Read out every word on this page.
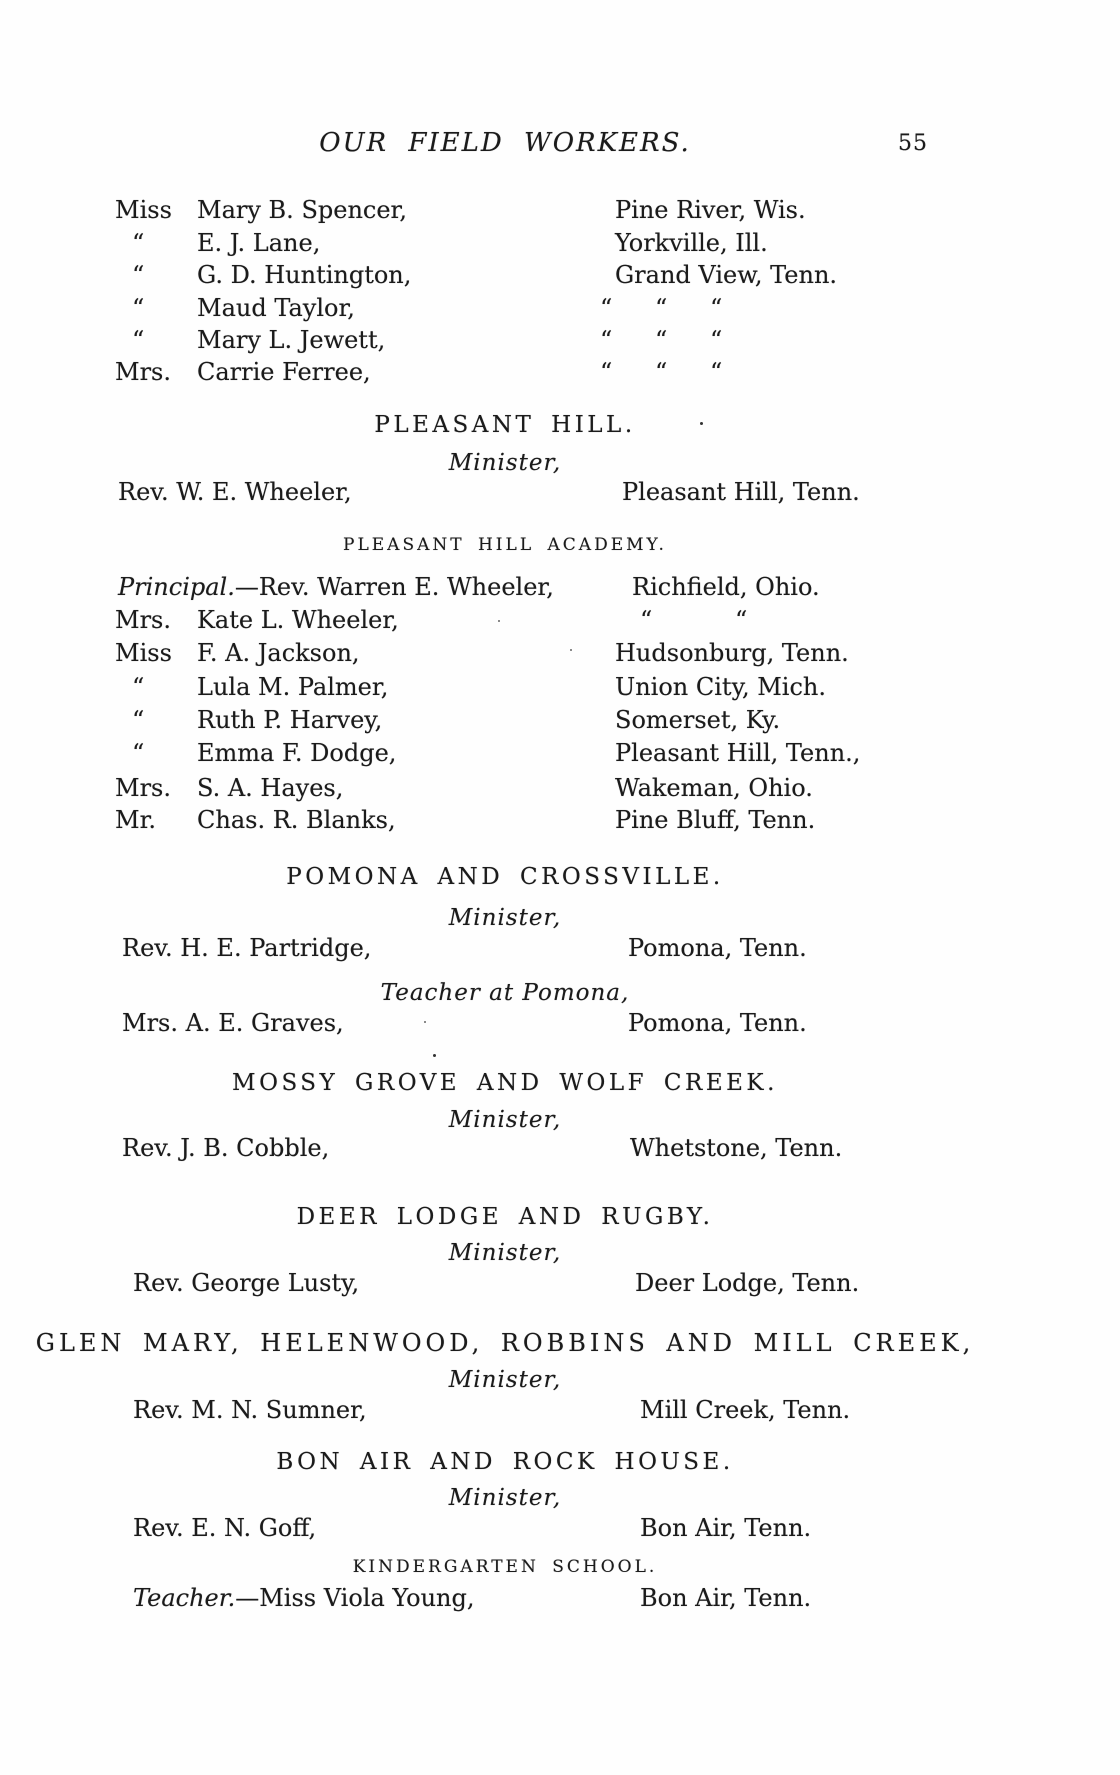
OUR FIELD WORKERS.	55
Miss Mary B. Spencer,	Pine River, Wis.
“ E. J. Lane,	Yorkville, Ill.
“ G. D. Huntington,	Grand View, Tenn.
“ Maud Taylor,	“ “ “
“ Mary L. Jewett,	“ “ “
Mrs. Carrie Ferree,	“ “ “
PLEASANT HILL.
Minister,
Rev. W. E. Wheeler,	Pleasant Hill, Tenn.
PLEASANT HILL ACADEMY.
Principal.—Rev. Warren E. Wheeler,	Richfield, Ohio.
Mrs. Kate L. Wheeler,	“	“
Miss F. A. Jackson,	Hudsonburg, Tenn.
“ Lula M. Palmer,	Union City, Mich.
“ Ruth P. Harvey,	Somerset, Ky.
“ Emma F. Dodge,	Pleasant Hill, Tenn.,
Mrs. S. A. Hayes,	Wakeman, Ohio.
Mr. Chas. R. Blanks,	Pine Bluff, Tenn.
POMONA AND CROSSVILLE.
Minister,
Rev. H. E. Partridge,	Pomona, Tenn.
Teacher at Pomona,
Mrs. A. E. Graves,	Pomona, Tenn.
MOSSY GROVE AND WOLF CREEK.
Minister,
Rev. J. B. Cobble,	Whetstone, Tenn.
DEER LODGE AND RUGBY.
Minister,
Rev. George Lusty,	Deer Lodge, Tenn.
GLEN MARY, HELENWOOD, ROBBINS AND MILL CREEK,
Minister,
Rev. M. N. Sumner,	Mill Creek, Tenn.
BON AIR AND ROCK HOUSE.
Minister,
Rev. E. N. Goff,	Bon Air, Tenn.
KINDERGARTEN SCHOOL.
Teacher.—Miss Viola Young,	Bon Air, Tenn.
